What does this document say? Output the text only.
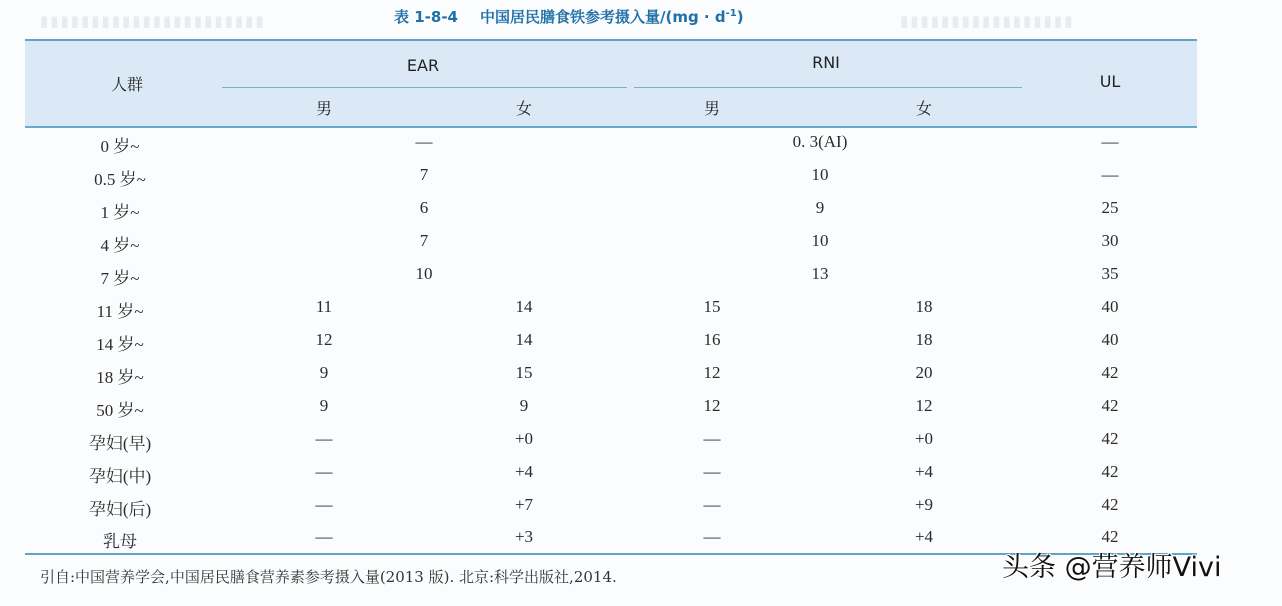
▮▮▮▮▮▮▮▮▮▮▮▮▮▮▮▮▮▮▮▮▮▮	▮▮▮▮▮▮▮▮▮▮▮▮▮▮▮▮▮
表 1-8-4 中国居民膳食铁参考摄入量$/(mg \cdot d^{-1})$
人群
EAR	RNI
UL
男	女	男	女
0 岁~	—	0. 3(AI)	—
0.5 岁~	7	10	—
1 岁~	6	9	25
4 岁~	7	10	30
7 岁~	10	13	35
11 岁~	11	14	15	18	40
14 岁~	12	14	16	18	40
18 岁~	9	15	12	20	42
50 岁~	9	9	12	12	42
孕妇(早)	—	+0	—	+0	42
孕妇(中)	—	+4	—	+4	42
孕妇(后)	—	+7	—	+9	42
乳母	—	+3	—	+4	42
引自:中国营养学会,中国居民膳食营养素参考摄入量(2013 版). 北京:科学出版社,2014.	头条 @营养师Vivi
